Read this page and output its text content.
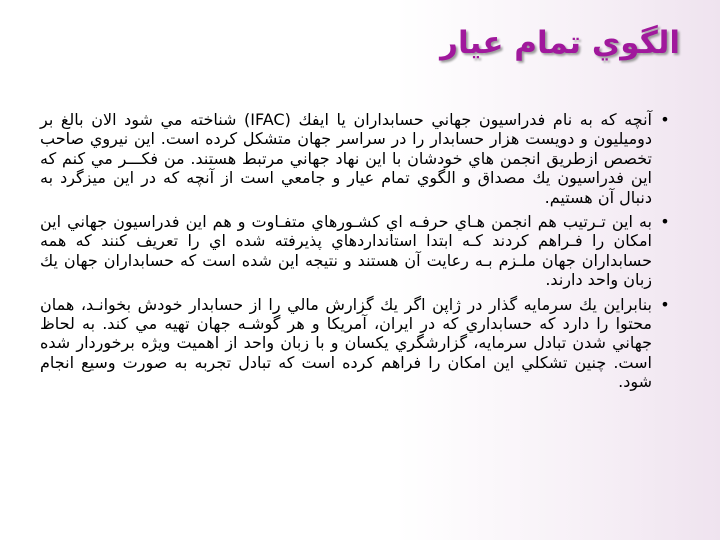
الگوي تمام عيار
•
آنچه كه به نام فدراسيون جهاني حسابداران يا ايفك (IFAC) شناخته مي شود الان بالغ بر دوميليون و دويست هزار حسابدار را در سراسر جهان متشكل كرده است. اين نيروي صاحب تخصص ازطريق انجمن هاي خودشان با اين نهاد جهاني مرتبط هستند. من فكـــر مي كنم كه اين فدراسيون يك مصداق و الگوي تمام عيار و جامعي است از آنچه كه در اين ميزگرد به دنبال آن هستيم.
•
به اين تـرتيب هم انجمن هـاي حرفـه اي كشـورهاي متفـاوت و هم اين فدراسيون جهاني اين امكان را فـراهم كردند كـه ابتدا استانداردهاي پذيرفته شده اي را تعريف كنند كه همه حسابداران جهان ملـزم بـه رعايت آن هستند و نتيجه اين شده است كه حسابداران جهان يك زبان واحد دارند.
•
بنابراين يك سرمايه گذار در ژاپن اگر يك گزارش مالي را از حسابدار خودش بخوانـد، همان محتوا را دارد كه حسابداري كه در ايران، آمريكا و هر گوشـه جهان تهيه مي كند. به لحاظ جهاني شدن تبادل سرمايه، گزارشگري يكسان و با زبان واحد از اهميت ويژه برخوردار شده است. چنين تشكلي اين امكان را فراهم كرده است كه تبادل تجربه به صورت وسيع انجام شود.
